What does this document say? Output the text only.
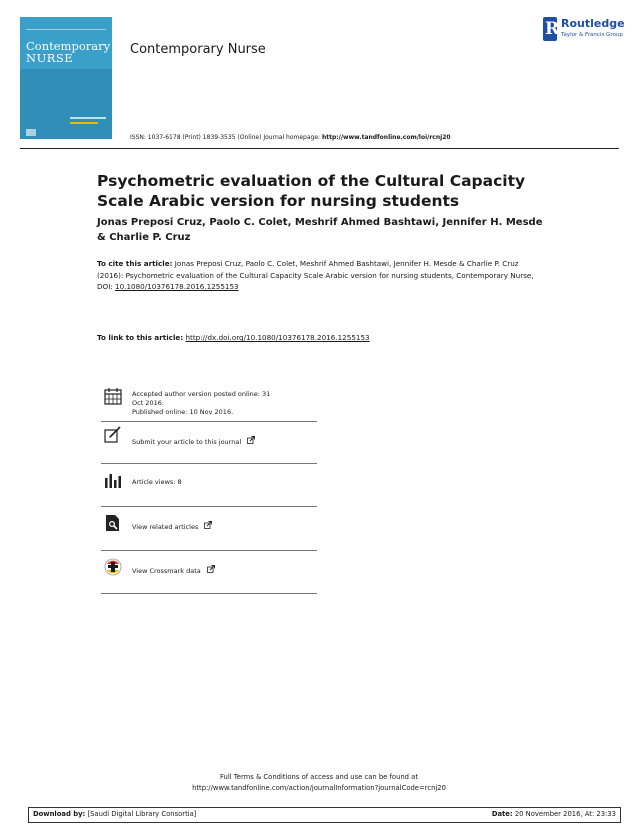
Contemporary
NURSE
Contemporary Nurse
R Routledge
Taylor & Francis Group
ISSN: 1037-6178 (Print) 1839-3535 (Online) Journal homepage: http://www.tandfonline.com/loi/rcnj20
Psychometric evaluation of the Cultural Capacity Scale Arabic version for nursing students
Jonas Preposi Cruz, Paolo C. Colet, Meshrif Ahmed Bashtawi, Jennifer H. Mesde & Charlie P. Cruz
To cite this article: Jonas Preposi Cruz, Paolo C. Colet, Meshrif Ahmed Bashtawi, Jennifer H. Mesde & Charlie P. Cruz (2016): Psychometric evaluation of the Cultural Capacity Scale Arabic version for nursing students, Contemporary Nurse, DOI: 10.1080/10376178.2016.1255153
To link to this article: http://dx.doi.org/10.1080/10376178.2016.1255153
Accepted author version posted online: 31
Oct 2016.
Published online: 10 Nov 2016.
Submit your article to this journal
Article views: 8
View related articles
View Crossmark data
Full Terms & Conditions of access and use can be found at
http://www.tandfonline.com/action/journalInformation?journalCode=rcnj20
Download by: [Saudi Digital Library Consortia]	Date: 20 November 2016, At: 23:33
